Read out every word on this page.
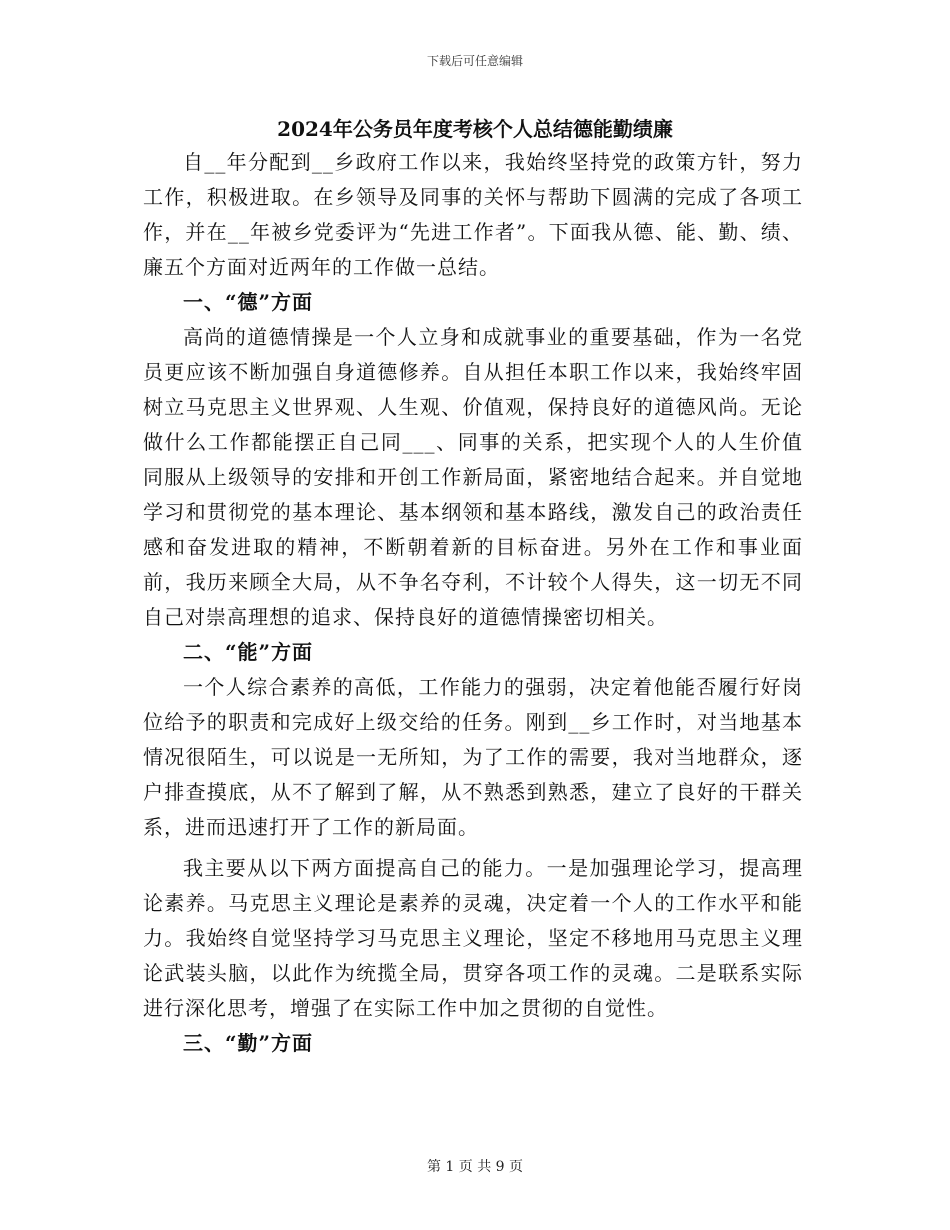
下载后可任意编辑
2024年公务员年度考核个人总结德能勤绩廉

自__年分配到__乡政府工作以来，我始终坚持党的政策方针，努力工作，积极进取。在乡领导及同事的关怀与帮助下圆满的完成了各项工作，并在__年被乡党委评为“先进工作者”。下面我从德、能、勤、绩、廉五个方面对近两年的工作做一总结。

一、“德”方面

高尚的道德情操是一个人立身和成就事业的重要基础，作为一名党员更应该不断加强自身道德修养。自从担任本职工作以来，我始终牢固树立马克思主义世界观、人生观、价值观，保持良好的道德风尚。无论做什么工作都能摆正自己同___、同事的关系，把实现个人的人生价值同服从上级领导的安排和开创工作新局面，紧密地结合起来。并自觉地学习和贯彻党的基本理论、基本纲领和基本路线，激发自己的政治责任感和奋发进取的精神，不断朝着新的目标奋进。另外在工作和事业面前，我历来顾全大局，从不争名夺利，不计较个人得失，这一切无不同自己对崇高理想的追求、保持良好的道德情操密切相关。

二、“能”方面

一个人综合素养的高低，工作能力的强弱，决定着他能否履行好岗位给予的职责和完成好上级交给的任务。刚到__乡工作时，对当地基本情况很陌生，可以说是一无所知，为了工作的需要，我对当地群众，逐户排查摸底，从不了解到了解，从不熟悉到熟悉，建立了良好的干群关系，进而迅速打开了工作的新局面。

我主要从以下两方面提高自己的能力。一是加强理论学习，提高理论素养。马克思主义理论是素养的灵魂，决定着一个人的工作水平和能力。我始终自觉坚持学习马克思主义理论，坚定不移地用马克思主义理论武装头脑，以此作为统揽全局，贯穿各项工作的灵魂。二是联系实际进行深化思考，增强了在实际工作中加之贯彻的自觉性。

三、“勤”方面
第 1 页 共 9 页
